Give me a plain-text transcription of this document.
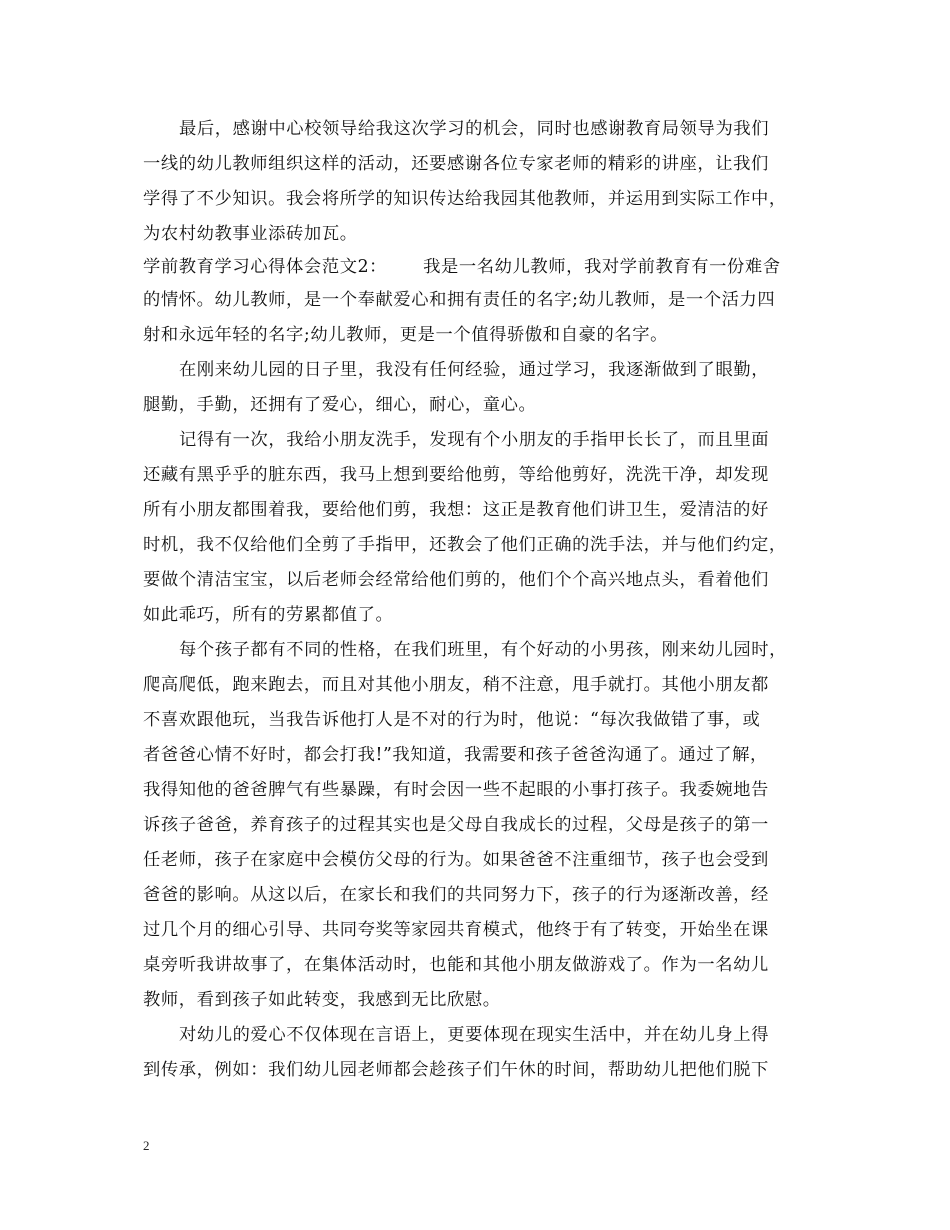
最后，感谢中心校领导给我这次学习的机会，同时也感谢教育局领导为我们
一线的幼儿教师组织这样的活动，还要感谢各位专家老师的精彩的讲座，让我们
学得了不少知识。我会将所学的知识传达给我园其他教师，并运用到实际工作中，
为农村幼教事业添砖加瓦。
学前教育学习心得体会范文2： 我是一名幼儿教师，我对学前教育有一份难舍
的情怀。幼儿教师，是一个奉献爱心和拥有责任的名字;幼儿教师，是一个活力四
射和永远年轻的名字;幼儿教师，更是一个值得骄傲和自豪的名字。
在刚来幼儿园的日子里，我没有任何经验，通过学习，我逐渐做到了眼勤，
腿勤，手勤，还拥有了爱心，细心，耐心，童心。
记得有一次，我给小朋友洗手，发现有个小朋友的手指甲长长了，而且里面
还藏有黑乎乎的脏东西，我马上想到要给他剪，等给他剪好，洗洗干净，却发现
所有小朋友都围着我，要给他们剪，我想：这正是教育他们讲卫生，爱清洁的好
时机，我不仅给他们全剪了手指甲，还教会了他们正确的洗手法，并与他们约定，
要做个清洁宝宝，以后老师会经常给他们剪的，他们个个高兴地点头，看着他们
如此乖巧，所有的劳累都值了。
每个孩子都有不同的性格，在我们班里，有个好动的小男孩，刚来幼儿园时，
爬高爬低，跑来跑去，而且对其他小朋友，稍不注意，甩手就打。其他小朋友都
不喜欢跟他玩，当我告诉他打人是不对的行为时，他说：“每次我做错了事，或
者爸爸心情不好时，都会打我!”我知道，我需要和孩子爸爸沟通了。通过了解，
我得知他的爸爸脾气有些暴躁，有时会因一些不起眼的小事打孩子。我委婉地告
诉孩子爸爸，养育孩子的过程其实也是父母自我成长的过程，父母是孩子的第一
任老师，孩子在家庭中会模仿父母的行为。如果爸爸不注重细节，孩子也会受到
爸爸的影响。从这以后，在家长和我们的共同努力下，孩子的行为逐渐改善，经
过几个月的细心引导、共同夸奖等家园共育模式，他终于有了转变，开始坐在课
桌旁听我讲故事了，在集体活动时，也能和其他小朋友做游戏了。作为一名幼儿
教师，看到孩子如此转变，我感到无比欣慰。
对幼儿的爱心不仅体现在言语上，更要体现在现实生活中，并在幼儿身上得
到传承，例如：我们幼儿园老师都会趁孩子们午休的时间，帮助幼儿把他们脱下
2
